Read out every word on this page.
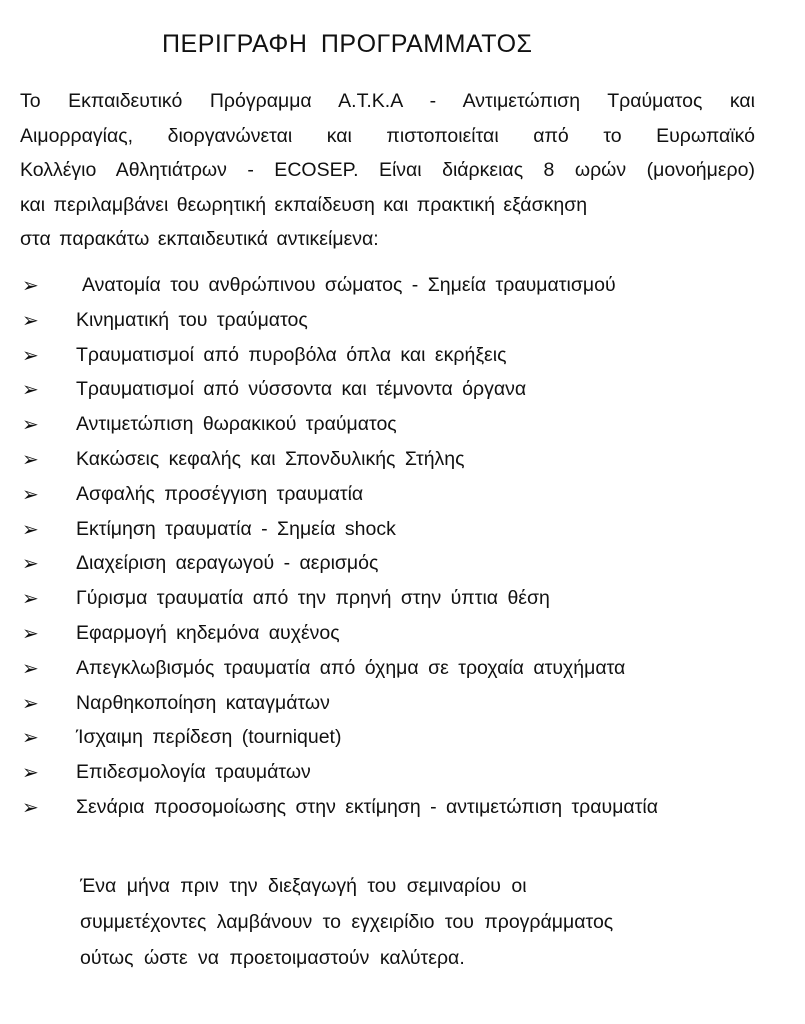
ΠΕΡΙΓΡΑΦΗ ΠΡΟΓΡΑΜΜΑΤΟΣ
Το Εκπαιδευτικό Πρόγραμμα Α.Τ.Κ.Α - Αντιμετώπιση Τραύματος και
Αιμορραγίας, διοργανώνεται και πιστοποιείται από το Ευρωπαϊκό
Κολλέγιο Αθλητιάτρων - ECOSEP. Είναι διάρκειας 8 ωρών (μονοήμερο)
και περιλαμβάνει θεωρητική εκπαίδευση και πρακτική εξάσκηση
στα παρακάτω εκπαιδευτικά αντικείμενα:
➢ Ανατομία του ανθρώπινου σώματος - Σημεία τραυματισμού
➢ Κινηματική του τραύματος
➢ Τραυματισμοί από πυροβόλα όπλα και εκρήξεις
➢ Τραυματισμοί από νύσσοντα και τέμνοντα όργανα
➢ Αντιμετώπιση θωρακικού τραύματος
➢ Κακώσεις κεφαλής και Σπονδυλικής Στήλης
➢ Ασφαλής προσέγγιση τραυματία
➢ Εκτίμηση τραυματία - Σημεία shock
➢ Διαχείριση αεραγωγού - αερισμός
➢ Γύρισμα τραυματία από την πρηνή στην ύπτια θέση
➢ Εφαρμογή κηδεμόνα αυχένος
➢ Απεγκλωβισμός τραυματία από όχημα σε τροχαία ατυχήματα
➢ Ναρθηκοποίηση καταγμάτων
➢ Ίσχαιμη περίδεση (tourniquet)
➢ Επιδεσμολογία τραυμάτων
➢ Σενάρια προσομοίωσης στην εκτίμηση - αντιμετώπιση τραυματία
Ένα μήνα πριν την διεξαγωγή του σεμιναρίου οι
συμμετέχοντες λαμβάνουν το εγχειρίδιο του προγράμματος
ούτως ώστε να προετοιμαστούν καλύτερα.
